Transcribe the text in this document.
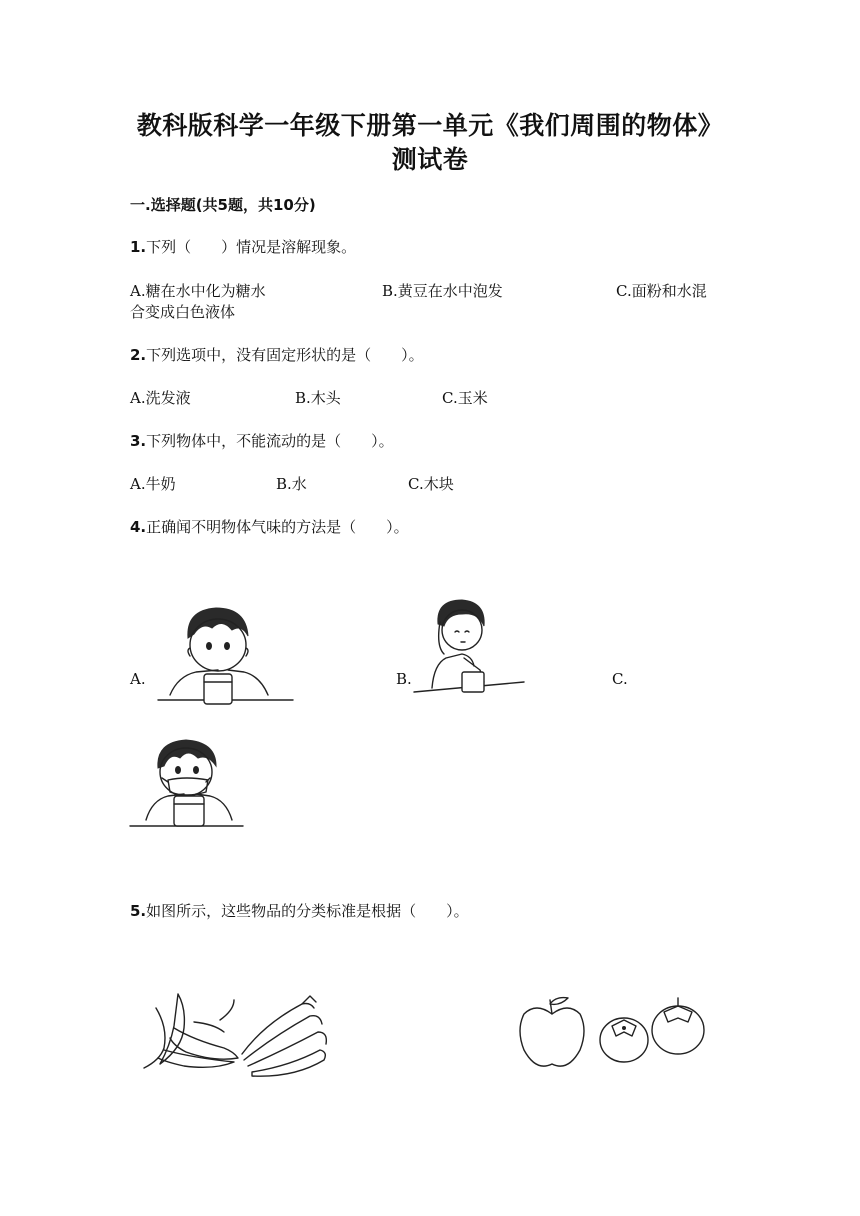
教科版科学一年级下册第一单元《我们周围的物体》
测试卷
一.选择题(共5题，共10分)
1.下列（　　）情况是溶解现象。
A.糖在水中化为糖水	B.黄豆在水中泡发	C.面粉和水混
合变成白色液体
2.下列选项中，没有固定形状的是（　　）。
A.洗发液	B.木头	C.玉米
3.下列物体中，不能流动的是（　　）。
A.牛奶	B.水	C.木块
4.正确闻不明物体气味的方法是（　　）。
A.	B.	C.
5.如图所示，这些物品的分类标准是根据（　　）。
